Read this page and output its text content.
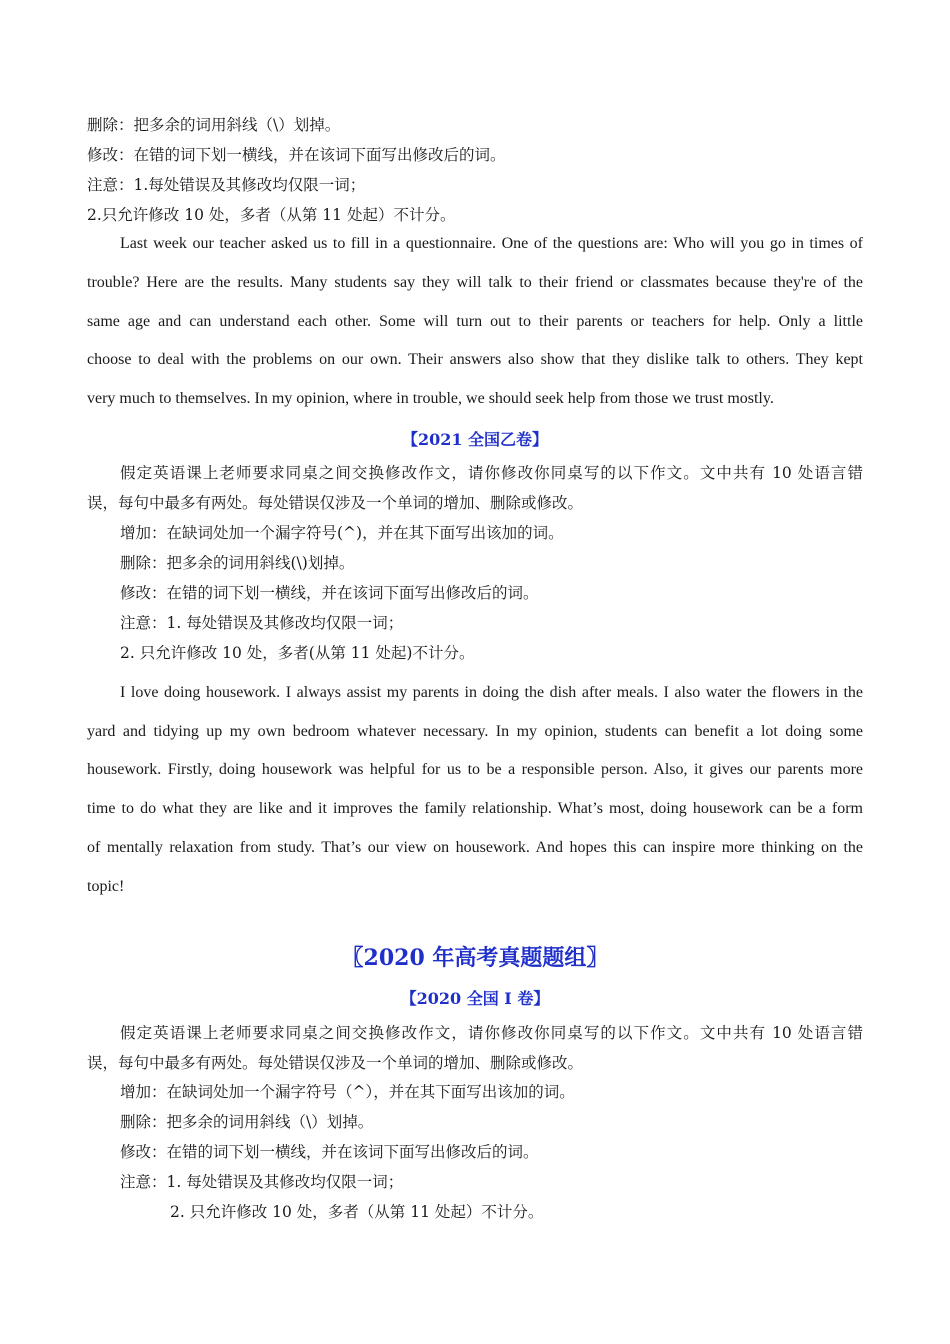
删除：把多余的词用斜线（\）划掉。
修改：在错的词下划一横线，并在该词下面写出修改后的词。
注意：1.每处错误及其修改均仅限一词；
2.只允许修改 10 处，多者（从第 11 处起）不计分。
Last week our teacher asked us to fill in a questionnaire. One of the questions are: Who will you go in times of
trouble? Here are the results. Many students say they will talk to their friend or classmates because they're of the
same age and can understand each other. Some will turn out to their parents or teachers for help. Only a little
choose to deal with the problems on our own. Their answers also show that they dislike talk to others. They kept
very much to themselves. In my opinion, where in trouble, we should seek help from those we trust mostly.
【2021 全国乙卷】
假定英语课上老师要求同桌之间交换修改作文，请你修改你同桌写的以下作文。文中共有 10 处语言错
误，每句中最多有两处。每处错误仅涉及一个单词的增加、删除或修改。
增加：在缺词处加一个漏字符号(^)，并在其下面写出该加的词。
删除：把多余的词用斜线(\)划掉。
修改：在错的词下划一横线，并在该词下面写出修改后的词。
注意：1. 每处错误及其修改均仅限一词；
2. 只允许修改 10 处，多者(从第 11 处起)不计分。
I love doing housework. I always assist my parents in doing the dish after meals. I also water the flowers in the
yard and tidying up my own bedroom whatever necessary. In my opinion, students can benefit a lot doing some
housework. Firstly, doing housework was helpful for us to be a responsible person. Also, it gives our parents more
time to do what they are like and it improves the family relationship. What’s most, doing housework can be a form
of mentally relaxation from study. That’s our view on housework. And hopes this can inspire more thinking on the
topic!
〖2020 年高考真题题组〗
【2020 全国 I 卷】
假定英语课上老师要求同桌之间交换修改作文，请你修改你同桌写的以下作文。文中共有 10 处语言错
误，每句中最多有两处。每处错误仅涉及一个单词的增加、删除或修改。
增加：在缺词处加一个漏字符号（^），并在其下面写出该加的词。
删除：把多余的词用斜线（\）划掉。
修改：在错的词下划一横线，并在该词下面写出修改后的词。
注意：1. 每处错误及其修改均仅限一词；
2. 只允许修改 10 处，多者（从第 11 处起）不计分。
